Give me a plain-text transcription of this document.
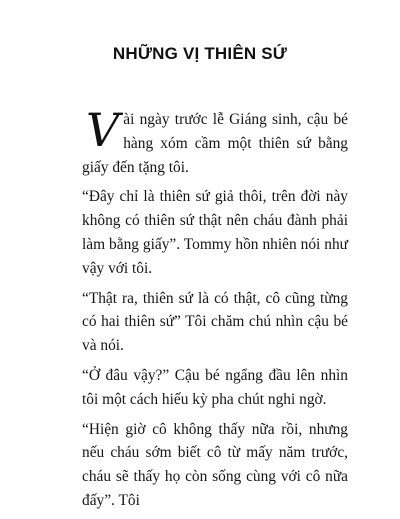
NHỮNG VỊ THIÊN SỨ

Vài ngày trước lễ Giáng sinh, cậu bé hàng xóm cầm một thiên sứ bằng giấy đến tặng tôi.

“Đây chỉ là thiên sứ giả thôi, trên đời này không có thiên sứ thật nên cháu đành phải làm bằng giấy”. Tommy hồn nhiên nói như vậy với tôi.

“Thật ra, thiên sứ là có thật, cô cũng từng có hai thiên sứ” Tôi chăm chú nhìn cậu bé và nói.

“Ở đâu vậy?” Cậu bé ngẩng đầu lên nhìn tôi một cách hiếu kỳ pha chút nghi ngờ.

“Hiện giờ cô không thấy nữa rồi, nhưng nếu cháu sớm biết cô từ mấy năm trước, cháu sẽ thấy họ còn sống cùng với cô nữa đấy”. Tôi
